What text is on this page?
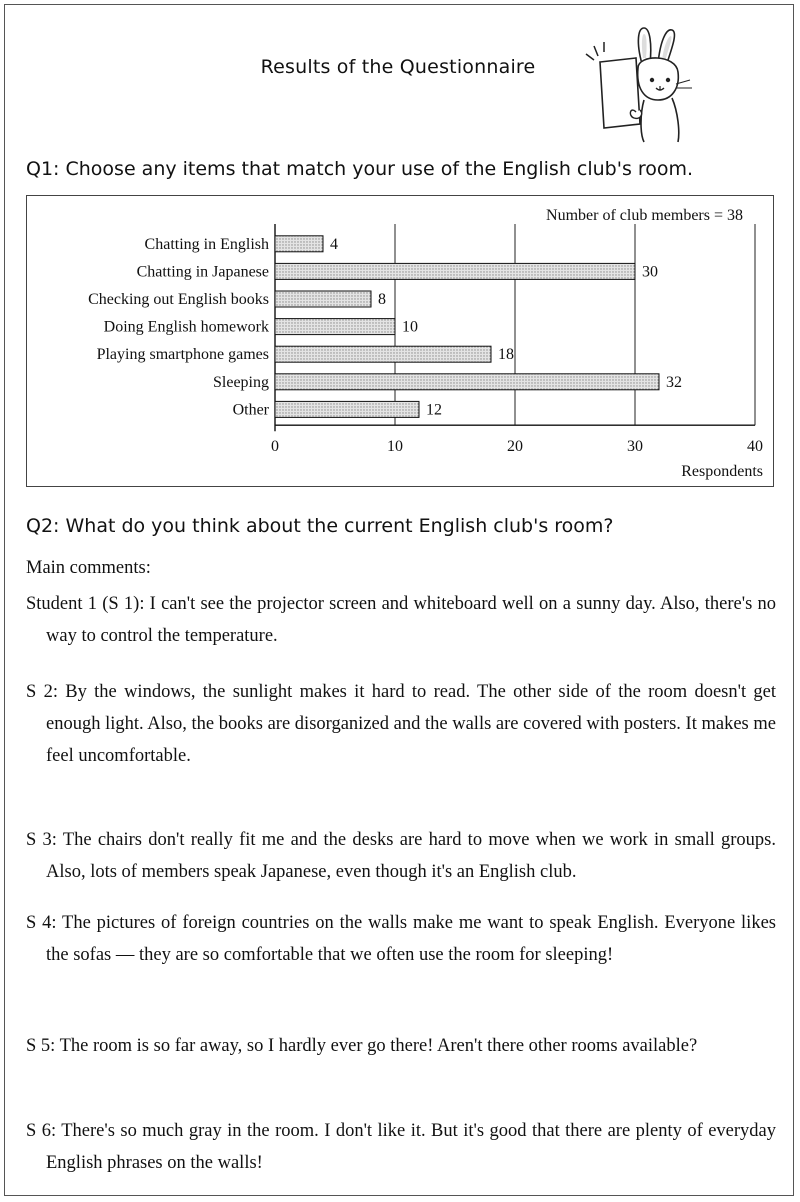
Results of the Questionnaire
Q1: Choose any items that match your use of the English club's room.
Chatting in English	4
Chatting in Japanese	30
Checking out English books	8
Doing English homework	10
Playing smartphone games	18
Sleeping	32
Other	12
0	10	20	30	40
Respondents
Number of club members = 38
Q2: What do you think about the current English club's room?
Main comments:
Student 1 (S 1): I can't see the projector screen and whiteboard well on a sunny day. Also, there's no way to control the temperature.
S 2: By the windows, the sunlight makes it hard to read. The other side of the room doesn't get enough light. Also, the books are disorganized and the walls are covered with posters. It makes me feel uncomfortable.
S 3: The chairs don't really fit me and the desks are hard to move when we work in small groups. Also, lots of members speak Japanese, even though it's an English club.
S 4: The pictures of foreign countries on the walls make me want to speak English. Everyone likes the sofas — they are so comfortable that we often use the room for sleeping!
S 5: The room is so far away, so I hardly ever go there! Aren't there other rooms available?
S 6: There's so much gray in the room. I don't like it. But it's good that there are plenty of everyday English phrases on the walls!
